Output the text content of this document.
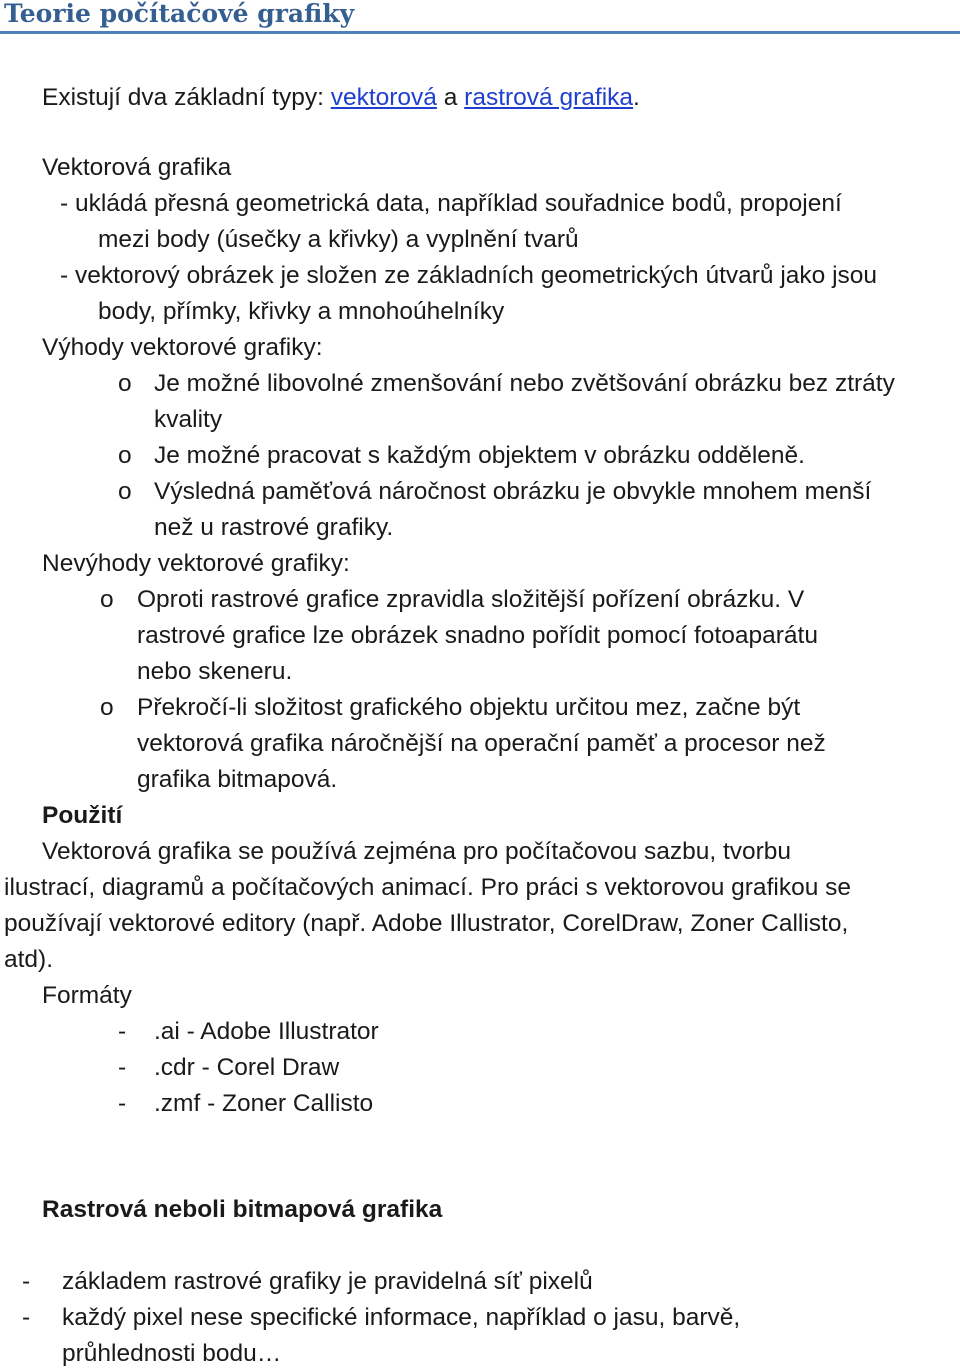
Teorie počítačové grafiky
Existují dva základní typy: vektorová a rastrová grafika.
Vektorová grafika
- ukládá přesná geometrická data, například souřadnice bodů, propojení
mezi body (úsečky a křivky) a vyplnění tvarů
- vektorový obrázek je složen ze základních geometrických útvarů jako jsou
body, přímky, křivky a mnohoúhelníky
Výhody vektorové grafiky:
o Je možné libovolné zmenšování nebo zvětšování obrázku bez ztráty
kvality
o Je možné pracovat s každým objektem v obrázku odděleně.
o Výsledná paměťová náročnost obrázku je obvykle mnohem menší
než u rastrové grafiky.
Nevýhody vektorové grafiky:
o Oproti rastrové grafice zpravidla složitější pořízení obrázku. V
rastrové grafice lze obrázek snadno pořídit pomocí fotoaparátu
nebo skeneru.
o Překročí-li složitost grafického objektu určitou mez, začne být
vektorová grafika náročnější na operační paměť a procesor než
grafika bitmapová.
Použití
Vektorová grafika se používá zejména pro počítačovou sazbu, tvorbu
ilustrací, diagramů a počítačových animací. Pro práci s vektorovou grafikou se
používají vektorové editory (např. Adobe Illustrator, CorelDraw, Zoner Callisto,
atd).
Formáty
- .ai - Adobe Illustrator
- .cdr - Corel Draw
- .zmf - Zoner Callisto
Rastrová neboli bitmapová grafika
- základem rastrové grafiky je pravidelná síť pixelů
- každý pixel nese specifické informace, například o jasu, barvě,
průhlednosti bodu…
